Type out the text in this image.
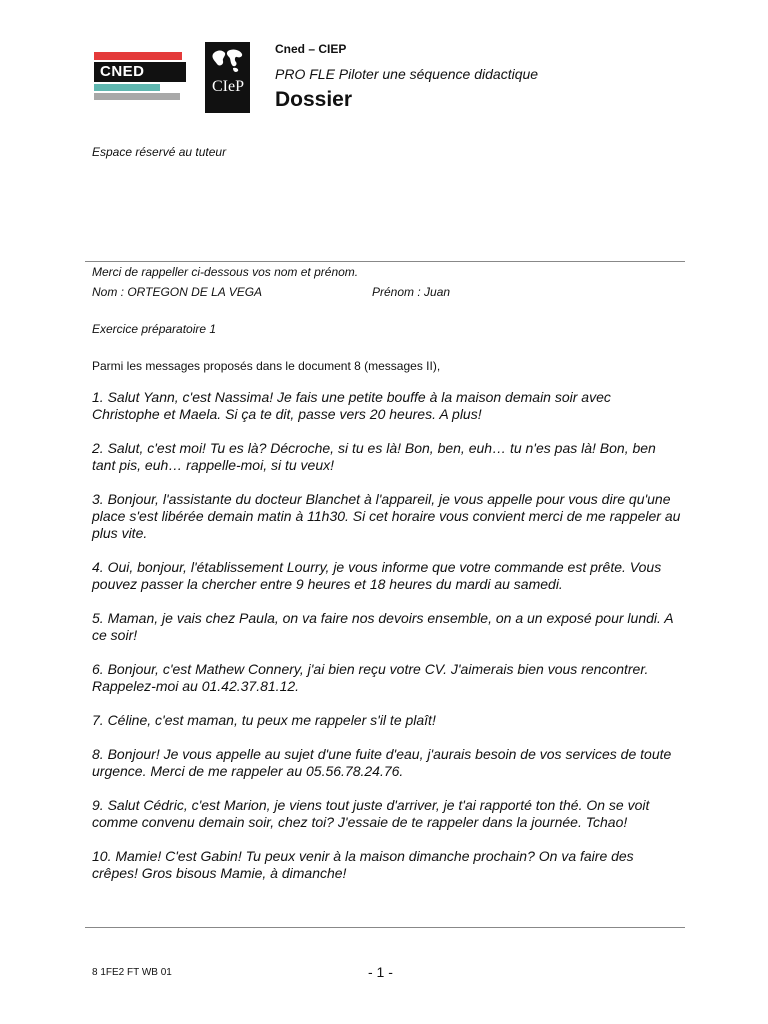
CNED
CIeP
Cned – CIEP
PRO FLE Piloter une séquence didactique
Dossier
Espace réservé au tuteur
Merci de rappeller ci-dessous vos nom et prénom.
Nom : ORTEGON DE LA VEGA	Prénom : Juan
Exercice préparatoire 1
Parmi les messages proposés dans le document 8 (messages II),

1. Salut Yann, c'est Nassima! Je fais une petite bouffe à la maison demain soir avec Christophe et Maela. Si ça te dit, passe vers 20 heures. A plus!

2. Salut, c'est moi! Tu es là? Décroche, si tu es là! Bon, ben, euh… tu n'es pas là! Bon, ben tant pis, euh… rappelle-moi, si tu veux!

3. Bonjour, l'assistante du docteur Blanchet à l'appareil, je vous appelle pour vous dire qu'une place s'est libérée demain matin à 11h30. Si cet horaire vous convient merci de me rappeler au plus vite.

4. Oui, bonjour, l'établissement Lourry, je vous informe que votre commande est prête. Vous pouvez passer la chercher entre 9 heures et 18 heures du mardi au samedi.

5. Maman, je vais chez Paula, on va faire nos devoirs ensemble, on a un exposé pour lundi. A ce soir!

6. Bonjour, c'est Mathew Connery, j'ai bien reçu votre CV. J'aimerais bien vous rencontrer. Rappelez-moi au 01.42.37.81.12.

7. Céline, c'est maman, tu peux me rappeler s'il te plaît!

8. Bonjour! Je vous appelle au sujet d'une fuite d'eau, j'aurais besoin de vos services de toute urgence. Merci de me rappeler au 05.56.78.24.76.

9. Salut Cédric, c'est Marion, je viens tout juste d'arriver, je t'ai rapporté ton thé. On se voit comme convenu demain soir, chez toi? J'essaie de te rappeler dans la journée. Tchao!

10. Mamie! C'est Gabin! Tu peux venir à la maison dimanche prochain? On va faire des crêpes! Gros bisous Mamie, à dimanche!

8 1FE2 FT WB 01	- 1 -
